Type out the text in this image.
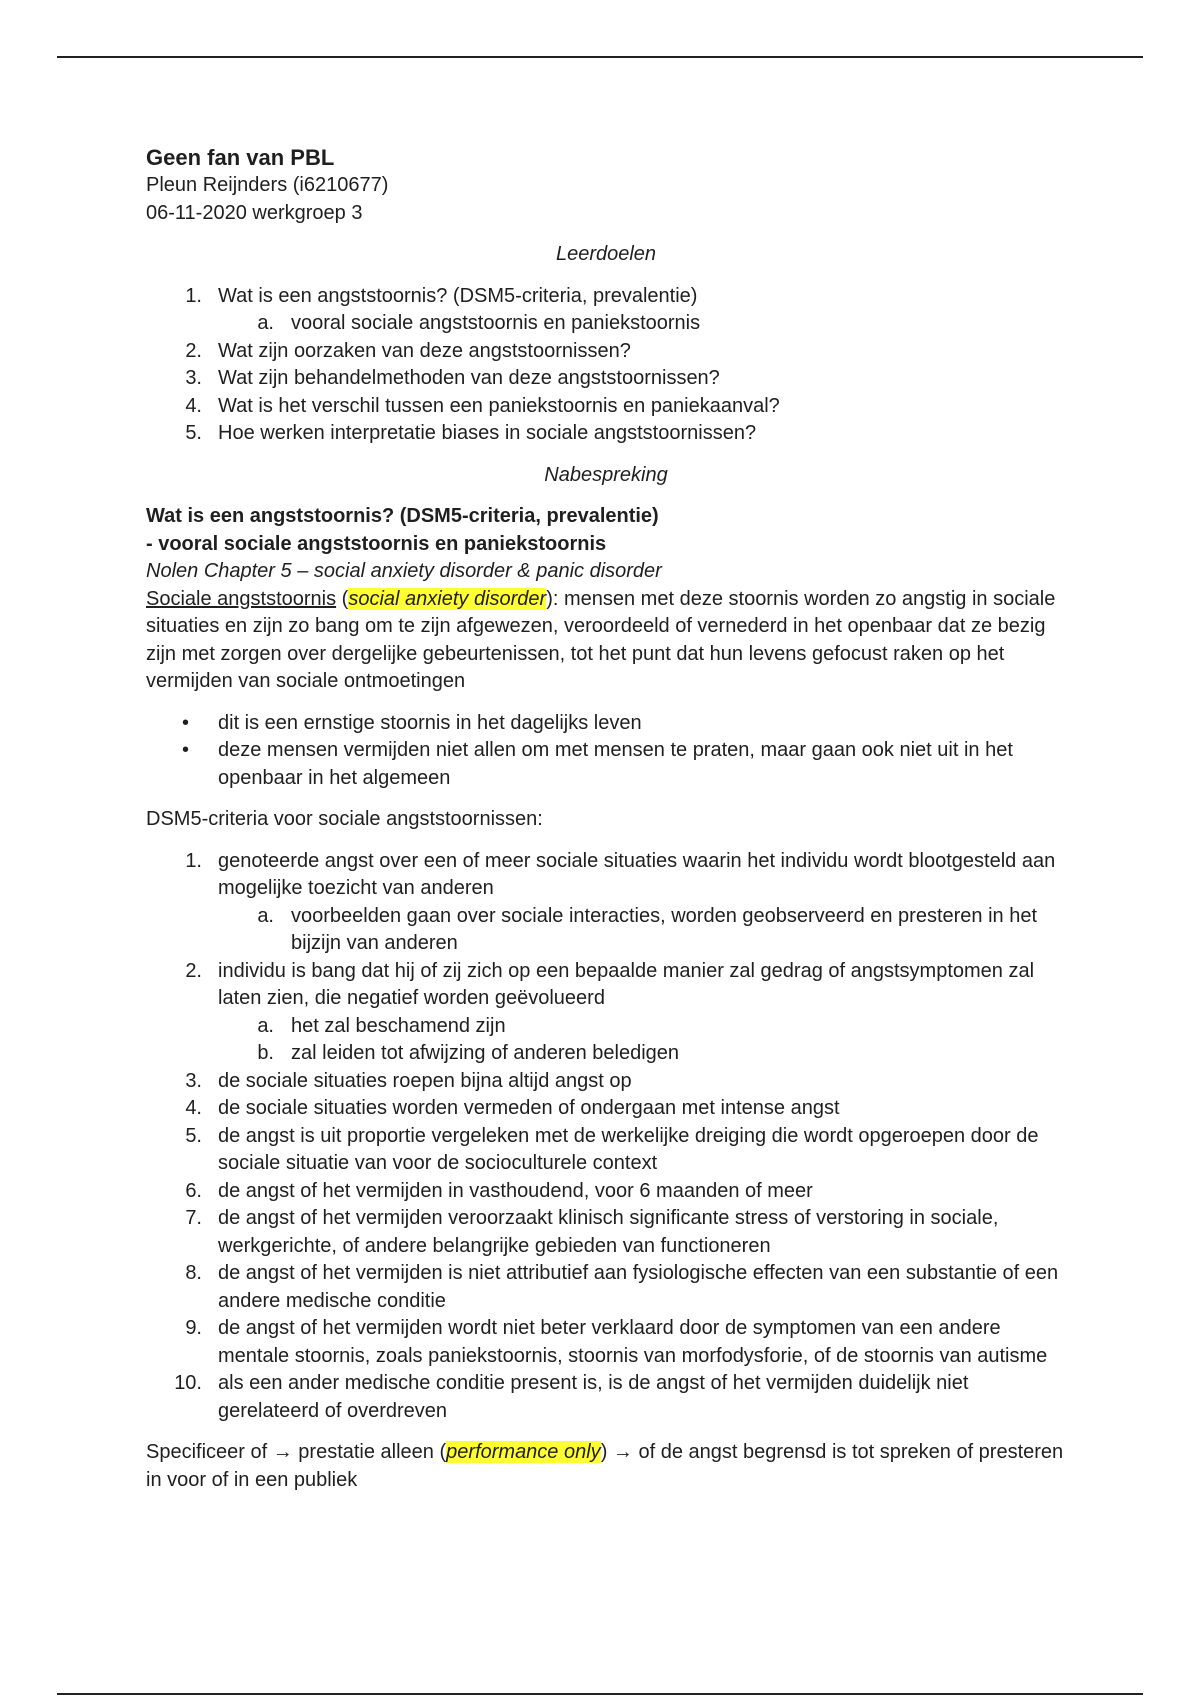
Geen fan van PBL

Pleun Reijnders (i6210677)

06-11-2020 werkgroep 3

Leerdoelen

1. Wat is een angststoornis? (DSM5-criteria, prevalentie)
a. vooral sociale angststoornis en paniekstoornis
2. Wat zijn oorzaken van deze angststoornissen?
3. Wat zijn behandelmethoden van deze angststoornissen?
4. Wat is het verschil tussen een paniekstoornis en paniekaanval?
5. Hoe werken interpretatie biases in sociale angststoornissen?

Nabespreking

Wat is een angststoornis? (DSM5-criteria, prevalentie)

- vooral sociale angststoornis en paniekstoornis

Nolen Chapter 5 – social anxiety disorder & panic disorder

Sociale angststoornis (social anxiety disorder): mensen met deze stoornis worden zo angstig in sociale situaties en zijn zo bang om te zijn afgewezen, veroordeeld of vernederd in het openbaar dat ze bezig zijn met zorgen over dergelijke gebeurtenissen, tot het punt dat hun levens gefocust raken op het vermijden van sociale ontmoetingen

• dit is een ernstige stoornis in het dagelijks leven
• deze mensen vermijden niet allen om met mensen te praten, maar gaan ook niet uit in het openbaar in het algemeen

DSM5-criteria voor sociale angststoornissen:

1. genoteerde angst over een of meer sociale situaties waarin het individu wordt blootgesteld aan mogelijke toezicht van anderen
a. voorbeelden gaan over sociale interacties, worden geobserveerd en presteren in het bijzijn van anderen
2. individu is bang dat hij of zij zich op een bepaalde manier zal gedrag of angstsymptomen zal laten zien, die negatief worden geëvolueerd
a. het zal beschamend zijn
b. zal leiden tot afwijzing of anderen beledigen
3. de sociale situaties roepen bijna altijd angst op
4. de sociale situaties worden vermeden of ondergaan met intense angst
5. de angst is uit proportie vergeleken met de werkelijke dreiging die wordt opgeroepen door de sociale situatie van voor de socioculturele context
6. de angst of het vermijden in vasthoudend, voor 6 maanden of meer
7. de angst of het vermijden veroorzaakt klinisch significante stress of verstoring in sociale, werkgerichte, of andere belangrijke gebieden van functioneren
8. de angst of het vermijden is niet attributief aan fysiologische effecten van een substantie of een andere medische conditie
9. de angst of het vermijden wordt niet beter verklaard door de symptomen van een andere mentale stoornis, zoals paniekstoornis, stoornis van morfodysforie, of de stoornis van autisme
10. als een ander medische conditie present is, is de angst of het vermijden duidelijk niet gerelateerd of overdreven

Specificeer of → prestatie alleen (performance only) → of de angst begrensd is tot spreken of presteren in voor of in een publiek
